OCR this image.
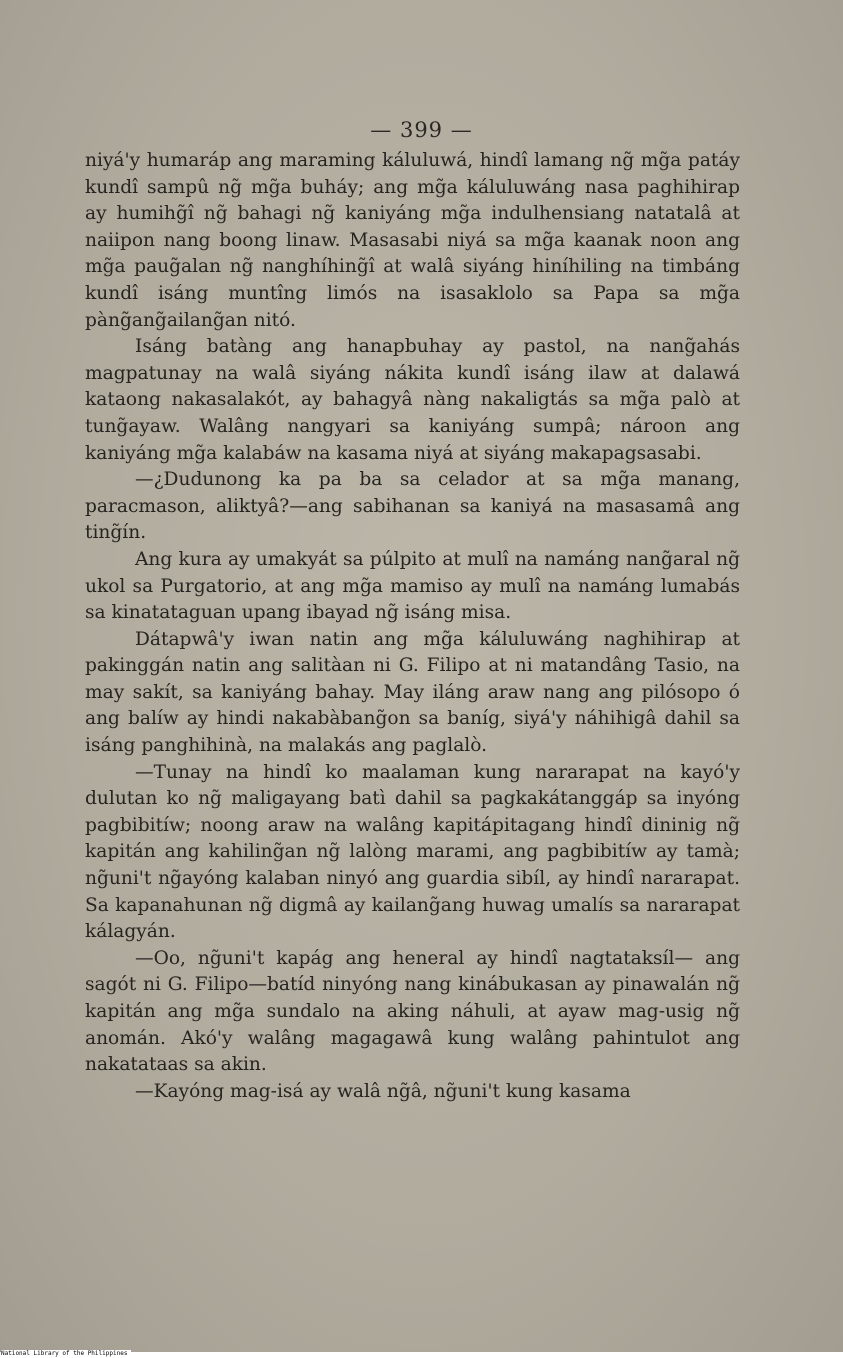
— 399 —

niyá'y humaráp ang maraming káluluwá, hindî lamang ng̃ mg̃a patáy kundî sampû ng̃ mg̃a buháy; ang mg̃a káluluwáng nasa paghihirap ay humihg̃î ng̃ bahagi ng̃ kaniyáng mg̃a indulhensiang natatalâ at naiipon nang boong linaw. Masasabi niyá sa mg̃a kaanak noon ang mg̃a paug̃alan ng̃ nanghíhing̃î at walâ siyáng hiníhiling na timbáng kundî isáng muntîng limós na isasaklolo sa Papa sa mg̃a pàng̃ang̃ailang̃an nitó.

Isáng batàng ang hanapbuhay ay pastol, na nang̃ahás magpatunay na walâ siyáng nákita kundî isáng ilaw at dalawá kataong nakasalakót, ay bahagyâ nàng nakaligtás sa mg̃a palò at tung̃ayaw. Walâng nangyari sa kaniyáng sumpâ; nároon ang kaniyáng mg̃a kalabáw na kasama niyá at siyáng makapagsasabi.

—¿Dudunong ka pa ba sa celador at sa mg̃a manang, paracmason, aliktyâ?—ang sabihanan sa kaniyá na masasamâ ang ting̃ín.

Ang kura ay umakyát sa púlpito at mulî na namáng nang̃aral ng̃ ukol sa Purgatorio, at ang mg̃a mamiso ay mulî na namáng lumabás sa kinatataguan upang ibayad ng̃ isáng misa.

Dátapwâ'y iwan natin ang mg̃a káluluwáng naghihirap at pakinggán natin ang salitàan ni G. Filipo at ni matandâng Tasio, na may sakít, sa kaniyáng bahay. May iláng araw nang ang pilósopo ó ang balíw ay hindi nakabàbang̃on sa baníg, siyá'y náhihigâ dahil sa isáng panghihinà, na malakás ang paglalò.

—Tunay na hindî ko maalaman kung nararapat na kayó'y dulutan ko ng̃ maligayang batì dahil sa pagkakátanggáp sa inyóng pagbibitíw; noong araw na walâng kapitápitagang hindî dininig ng̃ kapitán ang kahiling̃an ng̃ lalòng marami, ang pagbibitíw ay tamà; ng̃uni't ng̃ayóng kalaban ninyó ang guardia sibíl, ay hindî nararapat. Sa kapanahunan ng̃ digmâ ay kailang̃ang huwag umalís sa nararapat kálagyán.

—Oo, ng̃uni't kapág ang heneral ay hindî nagtataksíl— ang sagót ni G. Filipo—batíd ninyóng nang kinábukasan ay pinawalán ng̃ kapitán ang mg̃a sundalo na aking náhuli, at ayaw mag-usig ng̃ anomán. Akó'y walâng magagawâ kung walâng pahintulot ang nakatataas sa akin.

—Kayóng mag-isá ay walâ ng̃â, ng̃uni't kung kasama

National Library of the Philippines
